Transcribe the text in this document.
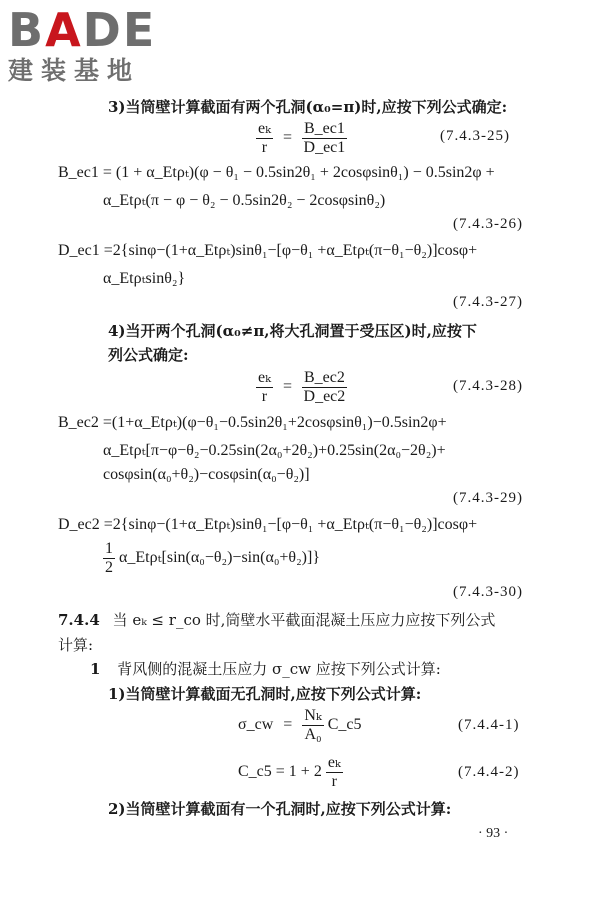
BADE
建装基地
3)当筒壁计算截面有两个孔洞(α₀=π)时,应按下列公式确定:
$\frac{\text{eₖ}}{r} = \frac{B\_ec1}{D\_ec1}$	(7.4.3-25)
B_ec1 = (1 + α_Etρₜ)(φ − θ₁ − 0.5sin2θ₁ + 2cosφsinθ₁) − 0.5sin2φ +
α_Etρₜ(π − φ − θ₂ − 0.5sin2θ₂ − 2cosφsinθ₂)
(7.4.3-26)
D_ec1 =2{sinφ−(1+α_Etρₜ)sinθ₁−[φ−θ₁ +α_Etρₜ(π−θ₁−θ₂)]cosφ+
α_Etρₜsinθ₂}
(7.4.3-27)
4)当开两个孔洞(α₀≠π,将大孔洞置于受压区)时,应按下
列公式确定:
$\frac{\text{eₖ}}{r} = \frac{B\_ec2}{D\_ec2}$	(7.4.3-28)
B_ec2 =(1+α_Etρₜ)(φ−θ₁−0.5sin2θ₁+2cosφsinθ₁)−0.5sin2φ+
α_Etρₜ[π−φ−θ₂−0.25sin(2α₀+2θ₂)+0.25sin(2α₀−2θ₂)+
cosφsin(α₀+θ₂)−cosφsin(α₀−θ₂)]
(7.4.3-29)
D_ec2 =2{sinφ−(1+α_Etρₜ)sinθ₁−[φ−θ₁ +α_Etρₜ(π−θ₁−θ₂)]cosφ+
$\frac{1}{2}$ α_Etρₜ[sin(α₀−θ₂)−sin(α₀+θ₂)]}
(7.4.3-30)
7.4.4 当 eₖ ≤ r_co 时,筒壁水平截面混凝土压应力应按下列公式
计算:
1 背风侧的混凝土压应力 σ_cw 应按下列公式计算:
1)当筒壁计算截面无孔洞时,应按下列公式计算:
σ_cw = $\frac{\text{Nₖ}}{\text{A₀}}$ C_c5	(7.4.4-1)
C_c5 = $1 + 2 \frac{\text{eₖ}}{r}$	(7.4.4-2)
2)当筒壁计算截面有一个孔洞时,应按下列公式计算:
· 93 ·
